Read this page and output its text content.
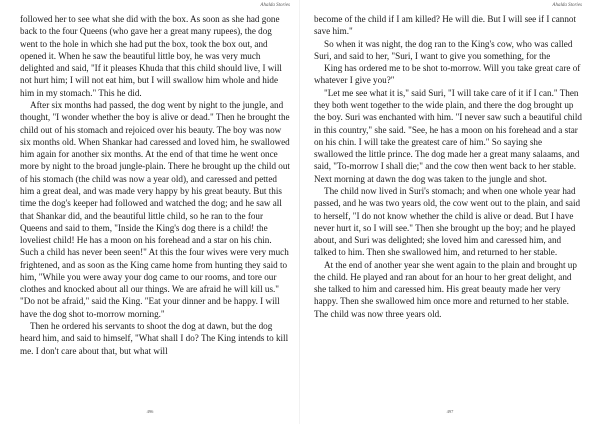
Ahalda Stories

followed her to see what she did with the box. As soon as she had gone back to the four Queens (who gave her a great many rupees), the dog went to the hole in which she had put the box, took the box out, and opened it. When he saw the beautiful little boy, he was very much delighted and said, "If it pleases Khuda that this child should live, I will not hurt him; I will not eat him, but I will swallow him whole and hide him in my stomach." This he did.

After six months had passed, the dog went by night to the jungle, and thought, "I wonder whether the boy is alive or dead." Then he brought the child out of his stomach and rejoiced over his beauty. The boy was now six months old. When Shankar had caressed and loved him, he swallowed him again for another six months. At the end of that time he went once more by night to the broad jungle-plain. There he brought up the child out of his stomach (the child was now a year old), and caressed and petted him a great deal, and was made very happy by his great beauty. But this time the dog's keeper had followed and watched the dog; and he saw all that Shankar did, and the beautiful little child, so he ran to the four Queens and said to them, "Inside the King's dog there is a child! the loveliest child! He has a moon on his forehead and a star on his chin. Such a child has never been seen!" At this the four wives were very much frightened, and as soon as the King came home from hunting they said to him, "While you were away your dog came to our rooms, and tore our clothes and knocked about all our things. We are afraid he will kill us." "Do not be afraid," said the King. "Eat your dinner and be happy. I will have the dog shot to-morrow morning."

Then he ordered his servants to shoot the dog at dawn, but the dog heard him, and said to himself, "What shall I do? The King intends to kill me. I don't care about that, but what will

496
Ahalda Stories

become of the child if I am killed? He will die. But I will see if I cannot save him."

So when it was night, the dog ran to the King's cow, who was called

Suri, and said to her, "Suri, I want to give you something, for the

King has ordered me to be shot to-morrow. Will you take great care of whatever I give you?"

"Let me see what it is," said Suri, "I will take care of it if I can." Then they both went together to the wide plain, and there the dog brought up the boy. Suri was enchanted with him. "I never saw such a beautiful child in this country," she said. "See, he has a moon on his forehead and a star on his chin. I will take the greatest care of him." So saying she swallowed the little prince. The dog made her a great many salaams, and said, "To-morrow I shall die;" and the cow then went back to her stable. Next morning at dawn the dog was taken to the jungle and shot.

The child now lived in Suri's stomach; and when one whole year had passed, and he was two years old, the cow went out to the plain, and said to herself, "I do not know whether the child is alive or dead. But I have never hurt it, so I will see." Then she brought up the boy; and he played about, and Suri was delighted; she loved him and caressed him, and talked to him. Then she swallowed him, and returned to her stable.

At the end of another year she went again to the plain and brought up the child. He played and ran about for an hour to her great delight, and she talked to him and caressed him. His great beauty made her very happy. Then she swallowed him once more and returned to her stable. The child was now three years old.

497
